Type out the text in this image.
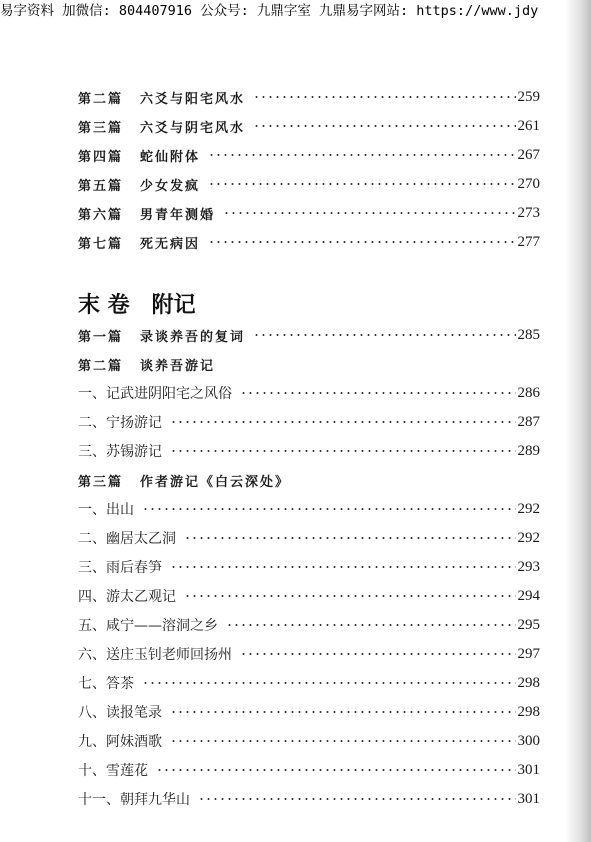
易字资料 加微信: 804407916 公众号: 九鼎字室 九鼎易字网站: https://www.jdy
第二篇	六爻与阳宅风水	259
第三篇	六爻与阴宅风水	261
第四篇	蛇仙附体	267
第五篇	少女发疯	270
第六篇	男青年测婚	273
第七篇	死无病因	277
末 卷 附记
第一篇	录谈养吾的复词	285
第二篇	谈养吾游记
一、记武进阴阳宅之风俗	286
二、宁扬游记	287
三、苏锡游记	289
第三篇	作者游记《白云深处》
一、出山	292
二、幽居太乙洞	292
三、雨后春笋	293
四、游太乙观记	294
五、咸宁——溶洞之乡	295
六、送庄玉钊老师回扬州	297
七、答茶	298
八、读报笔录	298
九、阿妹酒歌	300
十、雪莲花	301
十一、朝拜九华山	301
